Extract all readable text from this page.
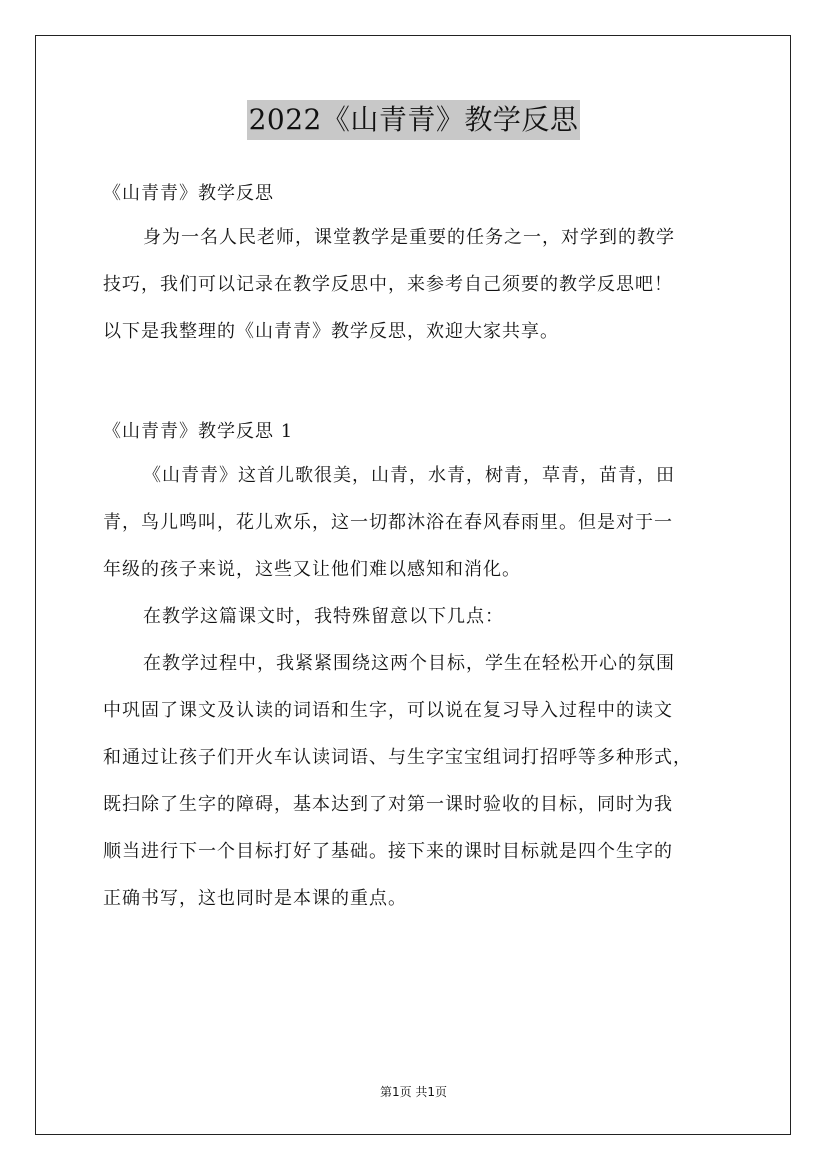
2022《山青青》教学反思
《山青青》教学反思
身为一名人民老师，课堂教学是重要的任务之一，对学到的教学
技巧，我们可以记录在教学反思中，来参考自己须要的教学反思吧！
以下是我整理的《山青青》教学反思，欢迎大家共享。
《山青青》教学反思 1
《山青青》这首儿歌很美，山青，水青，树青，草青，苗青，田
青，鸟儿鸣叫，花儿欢乐，这一切都沐浴在春风春雨里。但是对于一
年级的孩子来说，这些又让他们难以感知和消化。
在教学这篇课文时，我特殊留意以下几点：
在教学过程中，我紧紧围绕这两个目标，学生在轻松开心的氛围
中巩固了课文及认读的词语和生字，可以说在复习导入过程中的读文
和通过让孩子们开火车认读词语、与生字宝宝组词打招呼等多种形式，
既扫除了生字的障碍，基本达到了对第一课时验收的目标，同时为我
顺当进行下一个目标打好了基础。接下来的课时目标就是四个生字的
正确书写，这也同时是本课的重点。
第1页 共1页
